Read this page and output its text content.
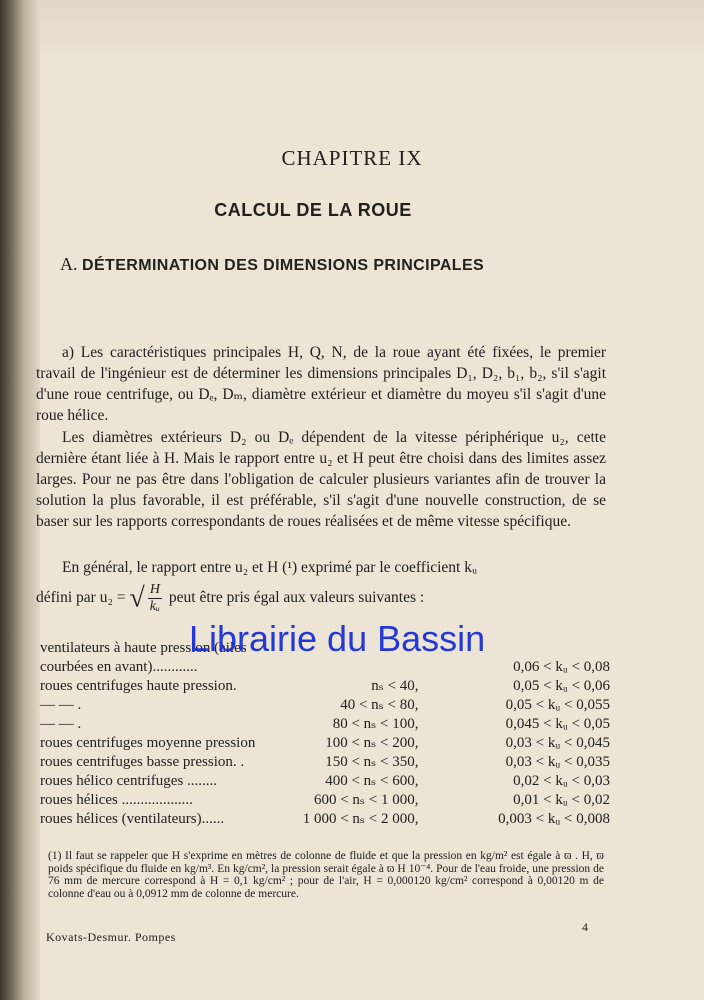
CHAPITRE IX
CALCUL DE LA ROUE
A. DÉTERMINATION DES DIMENSIONS PRINCIPALES
a) Les caractéristiques principales H, Q, N, de la roue ayant été fixées, le premier travail de l'ingénieur est de déterminer les dimensions principales D₁, D₂, b₁, b₂, s'il s'agit d'une roue centrifuge, ou Dₑ, Dₘ, diamètre extérieur et diamètre du moyeu s'il s'agit d'une roue hélice.
Les diamètres extérieurs D₂ ou Dₑ dépendent de la vitesse périphérique u₂, cette dernière étant liée à H. Mais le rapport entre u₂ et H peut être choisi dans des limites assez larges. Pour ne pas être dans l'obligation de calculer plusieurs variantes afin de trouver la solution la plus favorable, il est préférable, s'il s'agit d'une nouvelle construction, de se baser sur les rapports correspondants de roues réalisées et de même vitesse spécifique.
En général, le rapport entre u₂ et H (¹) exprimé par le coefficient kᵤ
défini par u₂ = √ $\frac{H}{\text{kᵤ}}$ peut être pris égal aux valeurs suivantes :
ventilateurs à haute pression (ailes		
courbées en avant)............		0,06 < kᵤ < 0,08
roues centrifuges haute pression.	nₛ < 40,	0,05 < kᵤ < 0,06
— — .	40 < nₛ < 80,	0,05 < kᵤ < 0,055
— — .	80 < nₛ < 100,	0,045 < kᵤ < 0,05
roues centrifuges moyenne pression	100 < nₛ < 200,	0,03 < kᵤ < 0,045
roues centrifuges basse pression. .	150 < nₛ < 350,	0,03 < kᵤ < 0,035
roues hélico centrifuges ........	400 < nₛ < 600,	0,02 < kᵤ < 0,03
roues hélices ...................	600 < nₛ < 1 000,	0,01 < kᵤ < 0,02
roues hélices (ventilateurs)......	1 000 < nₛ < 2 000,	0,003 < kᵤ < 0,008
Librairie du Bassin
(1) Il faut se rappeler que H s'exprime en mètres de colonne de fluide et que la pression en kg/m² est égale à ϖ . H, ϖ poids spécifique du fluide en kg/m³. En kg/cm², la pression serait égale à ϖ H 10⁻⁴. Pour de l'eau froide, une pression de 76 mm de mercure correspond à H = 0,1 kg/cm² ; pour de l'air, H = 0,000120 kg/cm² correspond à 0,00120 m de colonne d'eau ou à 0,0912 mm de colonne de mercure.
4
Kovats-Desmur. Pompes
